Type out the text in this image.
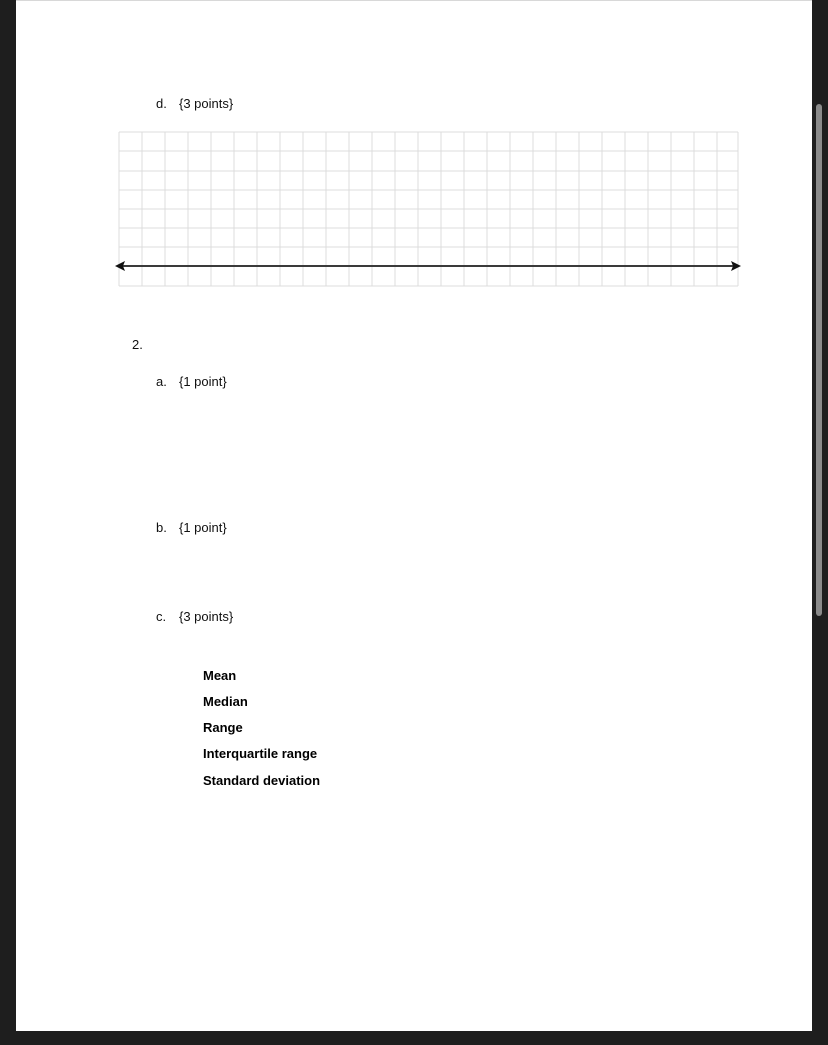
d. {3 points}
2.
a. {1 point}
b. {1 point}
c. {3 points}
Mean
Median
Range
Interquartile range
Standard deviation
